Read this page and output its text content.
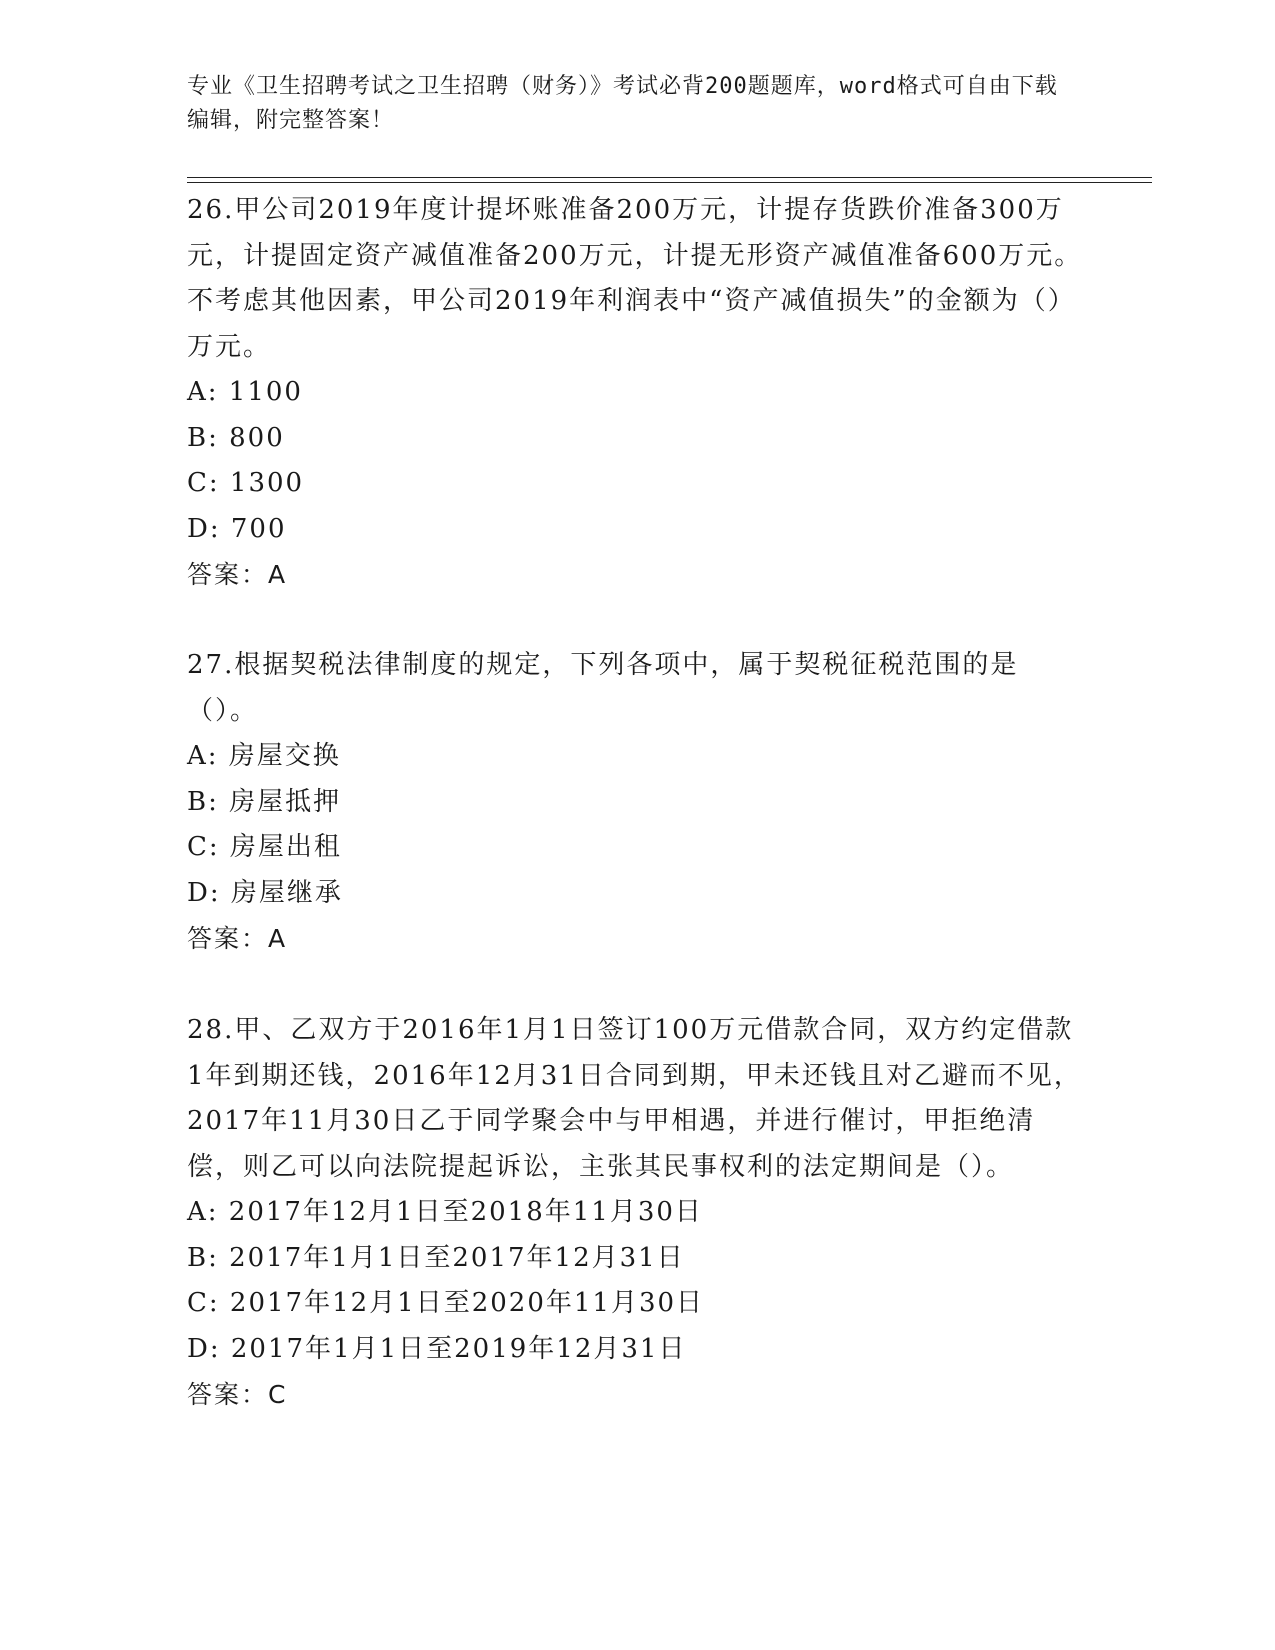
专业《卫生招聘考试之卫生招聘（财务）》考试必背200题题库，word格式可自由下载编辑，附完整答案！

26.甲公司2019年度计提坏账准备200万元，计提存货跌价准备300万元，计提固定资产减值准备200万元，计提无形资产减值准备600万元。不考虑其他因素，甲公司2019年利润表中“资产减值损失”的金额为（）万元。

A: 1100

B: 800

C: 1300

D: 700

答案：A

27.根据契税法律制度的规定，下列各项中，属于契税征税范围的是（）。

A: 房屋交换

B: 房屋抵押

C: 房屋出租

D: 房屋继承

答案：A

28.甲、乙双方于2016年1月1日签订100万元借款合同，双方约定借款1年到期还钱，2016年12月31日合同到期，甲未还钱且对乙避而不见，2017年11月30日乙于同学聚会中与甲相遇，并进行催讨，甲拒绝清偿，则乙可以向法院提起诉讼，主张其民事权利的法定期间是（）。

A: 2017年12月1日至2018年11月30日

B: 2017年1月1日至2017年12月31日

C: 2017年12月1日至2020年11月30日

D: 2017年1月1日至2019年12月31日

答案：C
